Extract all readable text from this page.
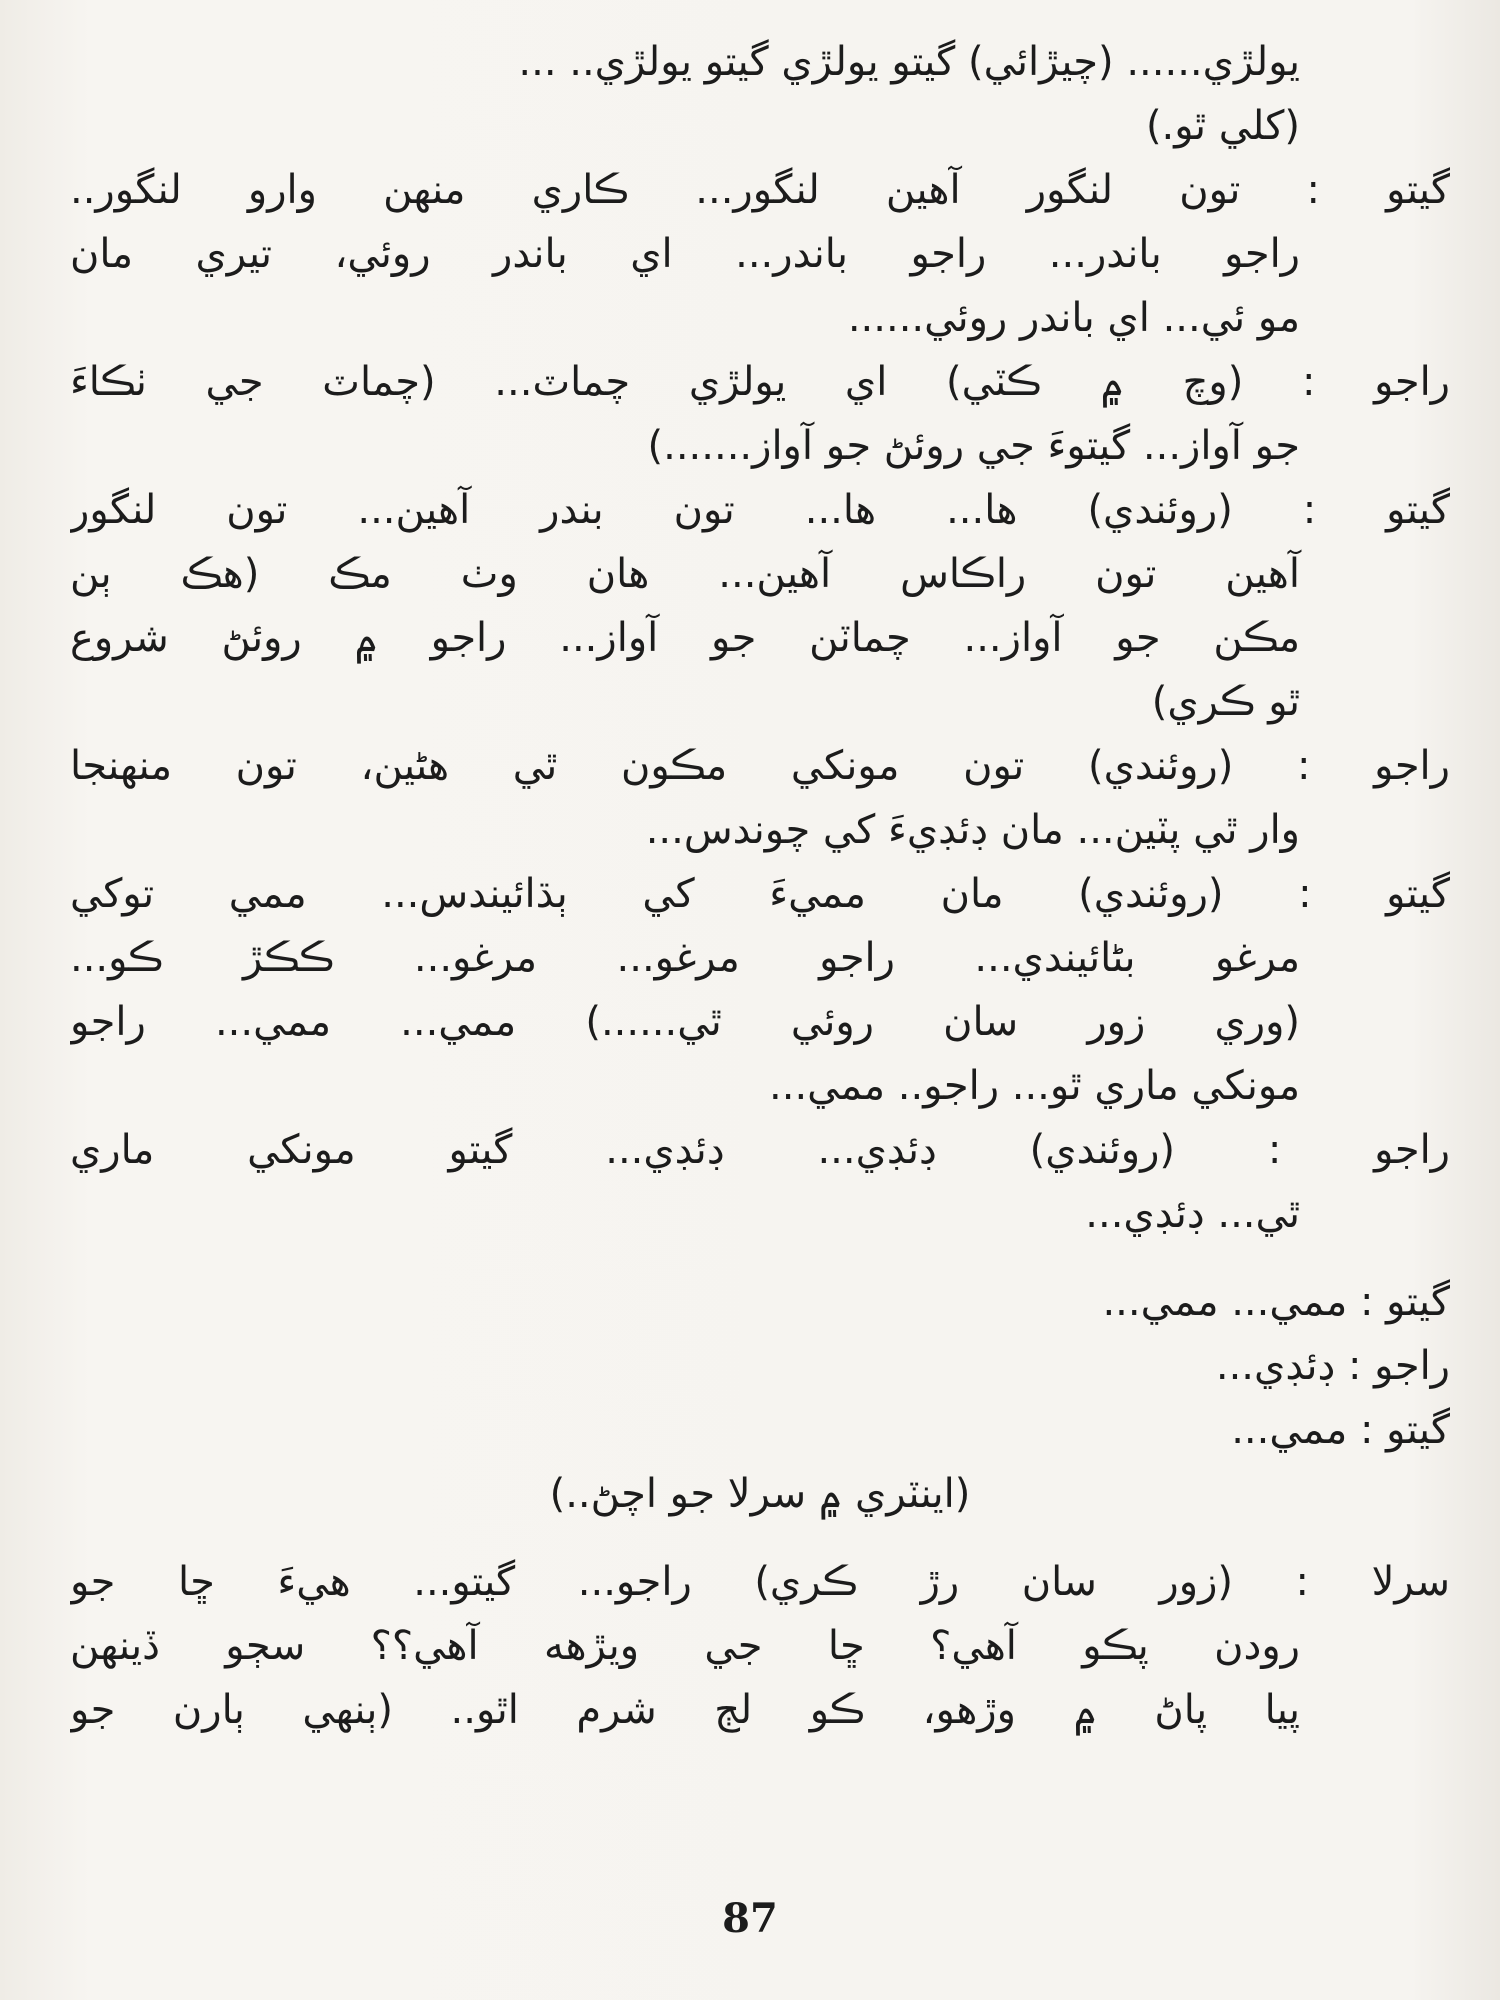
يولڙي...... (چيڙائي) گيتو يولڙي گيتو يولڙي.. ...
(کلي ٿو.)
گيتو : تون لنگور آهين لنگور... ڪاري منهن وارو لنگور..
راجو باندر... راجو باندر... اي باندر روئي، تيري مان
مو ئي... اي باندر روئي......
راجو : (وچ ۾ ڪٽي) اي يولڙي چماٽ... (چماٽ جي ٺڪاءَ
جو آواز... گيتوءَ جي روئڻ جو آواز.......)
گيتو : (روئندي) ها... ها... تون بندر آهين... تون لنگور
آهين تون راڪاس آهين... هان وٺ مڪ (هڪ ٻن
مڪن جو آواز... چماٽن جو آواز... راجو ۾ روئڻ شروع
ٿو ڪري)
راجو : (روئندي) تون مونکي مڪون ٿي هڻين، تون منهنجا
وار ٿي پٽين... مان ڊئڊيءَ کي چوندس...
گيتو : (روئندي) مان مميءَ کي ٻڌائيندس... ممي توکي
مرغو بڻائيندي... راجو مرغو... مرغو... ڪڪڙ ڪو...
(وري زور سان روئي ٿي......) ممي... ممي... راجو
مونکي ماري ٿو... راجو.. ممي...
راجو : (روئندي) ڊئڊي... ڊئڊي... گيتو مونکي ماري
ٿي... ڊئڊي...
گيتو : ممي... ممي...
راجو : ڊئڊي...
گيتو : ممي...
(اينٽري ۾ سرلا جو اچڻ..)
سرلا : (زور سان رڙ ڪري) راجو... گيتو... هيءَ ڇا جو
رودن پڪو آهي؟ ڇا جي ويڙهه آهي؟؟ سڄو ڏينهن
پيا پاڻ ۾ وڙهو، ڪو لڄ شرم اٿو.. (ٻنهي ٻارن جو
87
